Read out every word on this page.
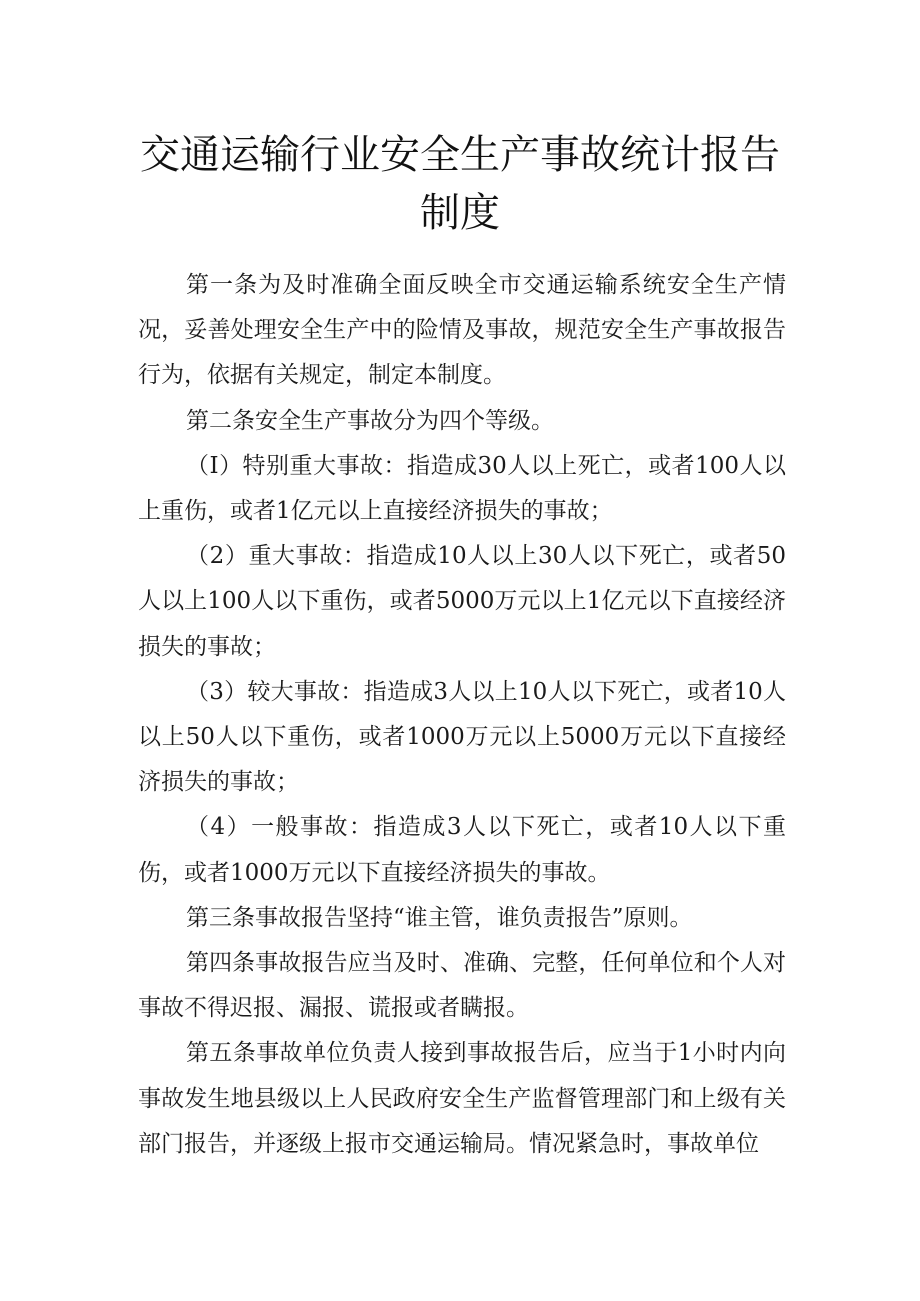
交通运输行业安全生产事故统计报告制度

第一条为及时准确全面反映全市交通运输系统安全生产情况，妥善处理安全生产中的险情及事故，规范安全生产事故报告行为，依据有关规定，制定本制度。

第二条安全生产事故分为四个等级。

（I）特别重大事故：指造成30人以上死亡，或者100人以上重伤，或者1亿元以上直接经济损失的事故；

（2）重大事故：指造成10人以上30人以下死亡，或者50人以上100人以下重伤，或者5000万元以上1亿元以下直接经济损失的事故；

（3）较大事故：指造成3人以上10人以下死亡，或者10人以上50人以下重伤，或者1000万元以上5000万元以下直接经济损失的事故；

（4）一般事故：指造成3人以下死亡，或者10人以下重伤，或者1000万元以下直接经济损失的事故。

第三条事故报告坚持“谁主管，谁负责报告”原则。

第四条事故报告应当及时、准确、完整，任何单位和个人对事故不得迟报、漏报、谎报或者瞒报。

第五条事故单位负责人接到事故报告后，应当于1小时内向事故发生地县级以上人民政府安全生产监督管理部门和上级有关部门报告，并逐级上报市交通运输局。情况紧急时，事故单位
